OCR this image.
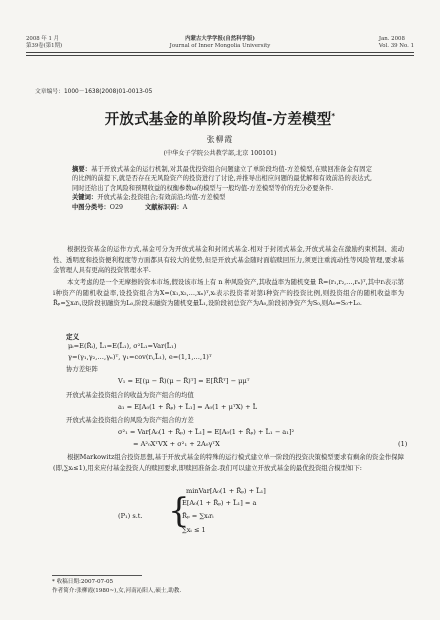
2008 年 1 月
第39卷(第1期)
内蒙古大学学报(自然科学版)
Journal of Inner Mongolia University
Jan. 2008
Vol. 39 No. 1
文章编号：1000－1638(2008)01-0013-05
开放式基金的单阶段均值-方差模型*
张柳霞
(中华女子学院公共教学部,北京 100101)
摘要：基于开放式基金的运行机制,对其最优投资组合问题建立了单阶段均值-方差模型,在赎回准备金有固定的比例的前提下,就是否存在无风险资产的投资进行了讨论,并推导出相应问题的最优解和有效前沿的表达式,同时还给出了含风险和预期收益的权衡参数ω的模型与一般均值-方差模型等价的充分必要条件.
关键词：开放式基金;投资组合;有效前沿;均值-方差模型
中图分类号：O29	文献标识码：A
根据投资基金的运作方式,基金可分为开放式基金和封闭式基金.相对于封闭式基金,开放式基金在激励约束机制、流动性、透明度和投资便利程度等方面都具有较大的优势,但是开放式基金随时面临赎回压力,须更注重流动性等风险管理,要求基金管理人具有更高的投资管理水平.
本文考虑的是一个无摩擦的资本市场,假设该市场上有 n 种风险资产,其收益率为随机变量 R̃=(r₁,r₂,…,rₙ)ᵀ,其中rᵢ表示第i种资产的随机收益率,设投资组合为X=(x₁,x₂,…,xₙ)ᵀ,xᵢ表示投资者对第i种资产的投资比例,则投资组合的随机收益率为R̃ₚ=∑xᵢrᵢ,设阶段初融资为L₀,阶段末融资为随机变量L̃₁,设阶段初总资产为A₀,阶段初净资产为S₀,则A₀=S₀+L₀.
定义
μᵢ=E(R̃ᵢ), L̄₁=E(L̃₁), σ²L₁=Var(L̃₁)
γ=(γ₁,γ₂,…,γₙ)ᵀ, γ₁=cov(rᵢ,L̃₁), e=(1,1,…,1)ᵀ
协方差矩阵
V₁ = E[(μ − R̃)(μ − R̃)ᵀ] = E[R̃R̃ᵀ] − μμᵀ
开放式基金投资组合的收益为资产组合的均值
a₁ = E[A₀(1 + R̃ₚ) + L̃₁] = A₀(1 + μᵀX) + L̄
开放式基金投资组合的风险为资产组合的方差
σ²₁ = Var[A₀(1 + R̃ₚ) + L̃₁] = E[A₀(1 + R̃ₚ) + L̃₁ − a₁]²
= A²₀XᵀVX + σ²₁ + 2A₀γᵀX	(1)
根据Markowitz组合投资思想,基于开放式基金的特殊的运行模式建立单一阶段的投资决策模型要求有剩余的资金作保障(即,∑xᵢ≤1),用来应付基金投资人的赎回要求,即赎回准备金.我们可以建立开放式基金的最优投资组合模型如下:
minVar[A₀(1 + R̃ₚ) + L̃₁]
(P₁) s.t. {
E[A₀(1 + R̃ₚ) + L̃₁] = a
R̃ₚ = ∑xᵢrᵢ
∑xᵢ ≤ 1
* 收稿日期:2007-07-05
作者简介:张柳霞(1980~),女,河南沁阳人,硕士,助教.
